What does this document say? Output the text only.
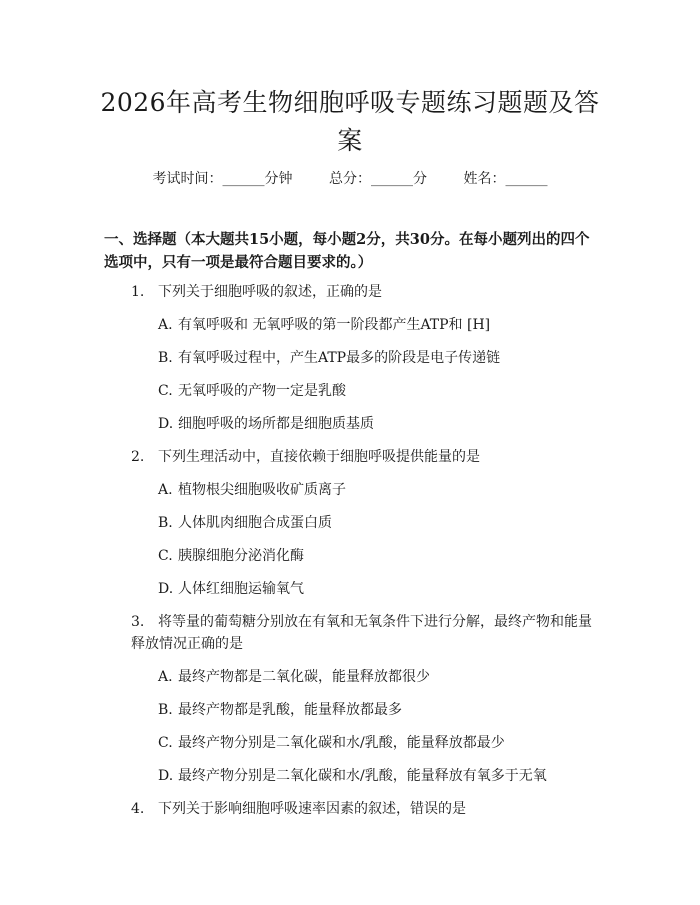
2026年高考生物细胞呼吸专题练习题题及答案
考试时间：______分钟	总分：______分	姓名：______
一、选择题（本大题共15小题，每小题2分，共30分。在每小题列出的四个选项中，只有一项是最符合题目要求的。）
1. 下列关于细胞呼吸的叙述，正确的是
A. 有氧呼吸和 无氧呼吸的第一阶段都产生ATP和 [H]
B. 有氧呼吸过程中，产生ATP最多的阶段是电子传递链
C. 无氧呼吸的产物一定是乳酸
D. 细胞呼吸的场所都是细胞质基质
2. 下列生理活动中，直接依赖于细胞呼吸提供能量的是
A. 植物根尖细胞吸收矿质离子
B. 人体肌肉细胞合成蛋白质
C. 胰腺细胞分泌消化酶
D. 人体红细胞运输氧气
3. 将等量的葡萄糖分别放在有氧和无氧条件下进行分解，最终产物和能量释放情况正确的是
A. 最终产物都是二氧化碳，能量释放都很少
B. 最终产物都是乳酸，能量释放都最多
C. 最终产物分别是二氧化碳和水/乳酸，能量释放都最少
D. 最终产物分别是二氧化碳和水/乳酸，能量释放有氧多于无氧
4. 下列关于影响细胞呼吸速率因素的叙述，错误的是
